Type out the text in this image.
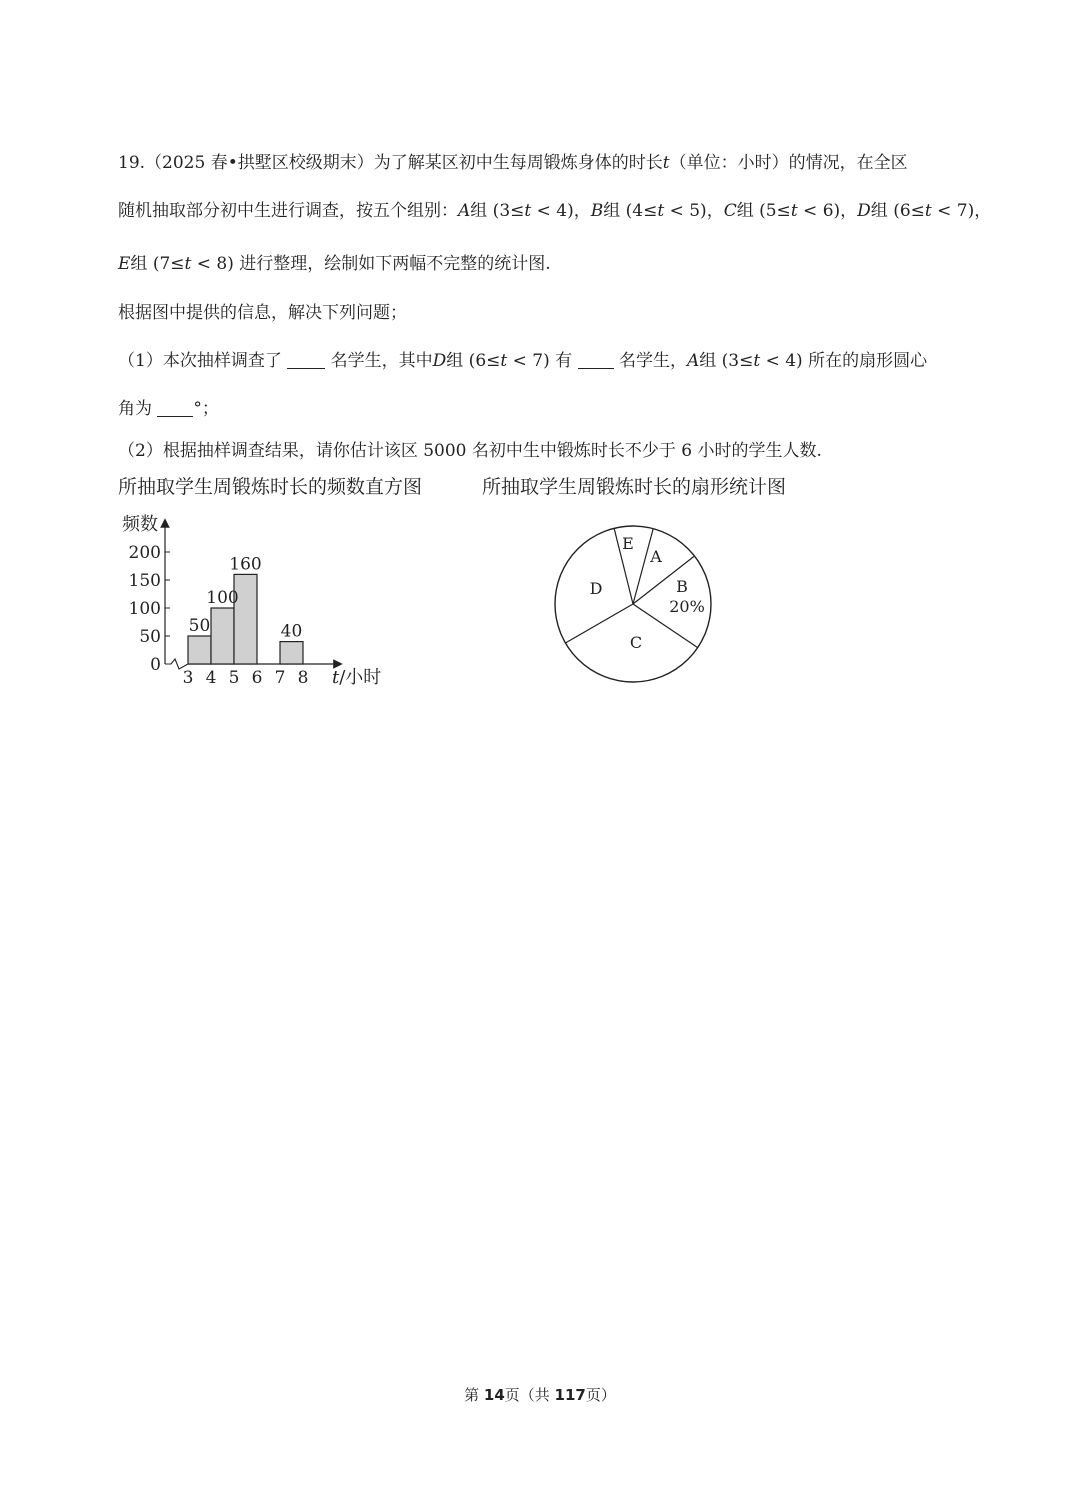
19.（2025 春•拱墅区校级期末）为了解某区初中生每周锻炼身体的时长t（单位：小时）的情况，在全区
随机抽取部分初中生进行调查，按五个组别：A组 (3≤t < 4)，B组 (4≤t < 5)，C组 (5≤t < 6)，D组 (6≤t < 7)，
E组 (7≤t < 8) 进行整理，绘制如下两幅不完整的统计图.
根据图中提供的信息，解决下列问题；
（1）本次抽样调查了	名学生，其中D组 (6≤t < 7) 有	名学生，A组 (3≤t < 4) 所在的扇形圆心
角为 °；
（2）根据抽样调查结果，请你估计该区 5000 名初中生中锻炼时长不少于 6 小时的学生人数.
所抽取学生周锻炼时长的频数直方图	所抽取学生周锻炼时长的扇形统计图
频数
0
50
100
150
200
3 4 5 6 7 8 t/小时
50
100
160
40
E
A
B
20%
C
D
第 14页（共 117页）
